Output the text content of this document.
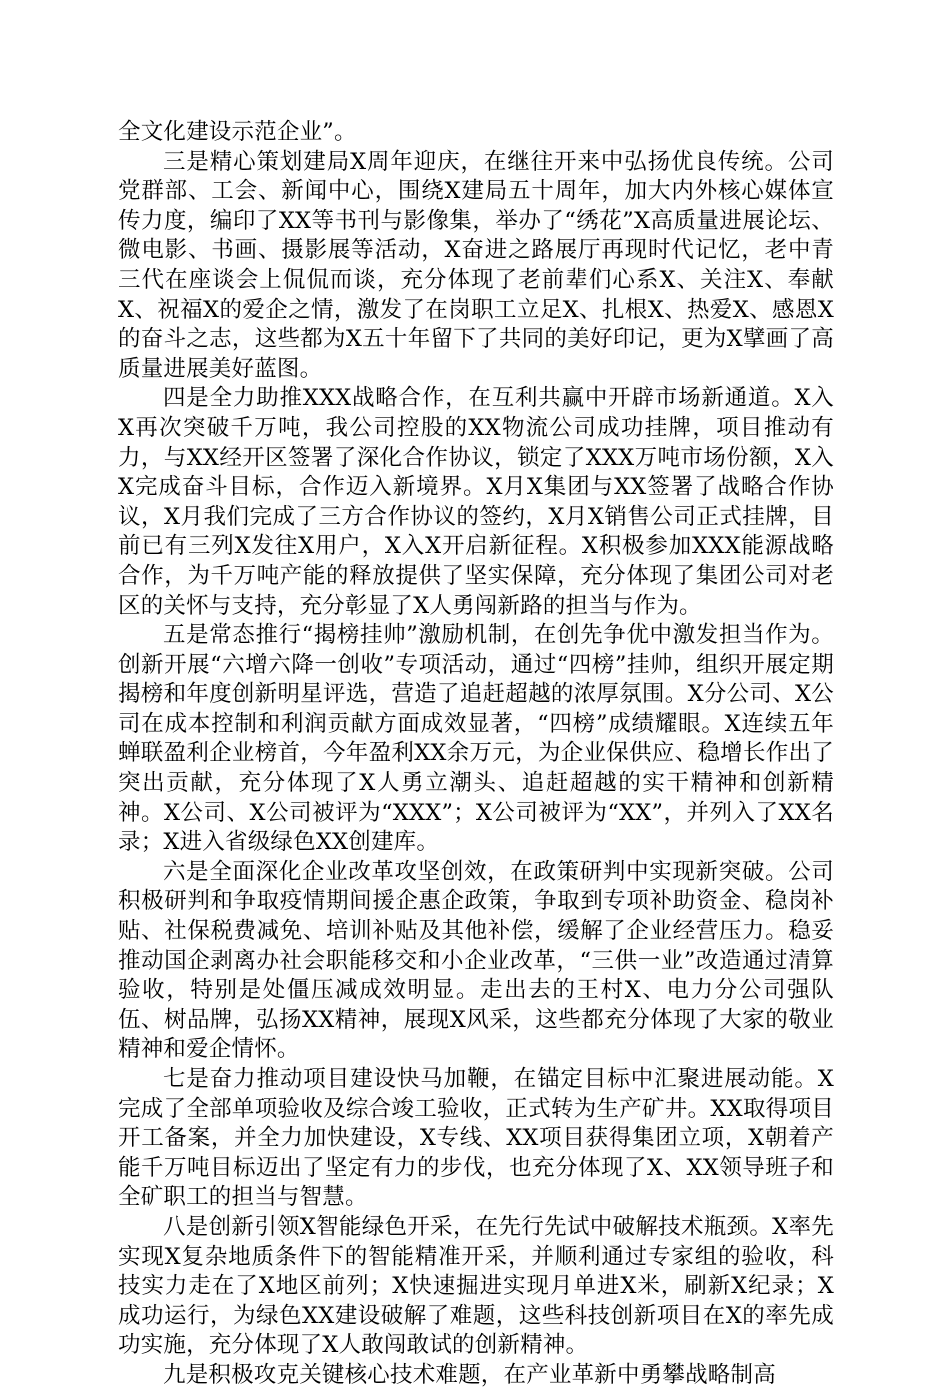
全文化建设示范企业”。

三是精心策划建局X周年迎庆，在继往开来中弘扬优良传统。公司党群部、工会、新闻中心，围绕X建局五十周年，加大内外核心媒体宣传力度，编印了XX等书刊与影像集，举办了“绣花”X高质量进展论坛、微电影、书画、摄影展等活动，X奋进之路展厅再现时代记忆，老中青三代在座谈会上侃侃而谈，充分体现了老前辈们心系X、关注X、奉献X、祝福X的爱企之情，激发了在岗职工立足X、扎根X、热爱X、感恩X的奋斗之志，这些都为X五十年留下了共同的美好印记，更为X擘画了高质量进展美好蓝图。

四是全力助推XXX战略合作，在互利共赢中开辟市场新通道。X入X再次突破千万吨，我公司控股的XX物流公司成功挂牌，项目推动有力，与XX经开区签署了深化合作协议，锁定了XXX万吨市场份额，X入X完成奋斗目标，合作迈入新境界。X月X集团与XX签署了战略合作协议，X月我们完成了三方合作协议的签约，X月X销售公司正式挂牌，目前已有三列X发往X用户，X入X开启新征程。X积极参加XXX能源战略合作，为千万吨产能的释放提供了坚实保障，充分体现了集团公司对老区的关怀与支持，充分彰显了X人勇闯新路的担当与作为。

五是常态推行“揭榜挂帅”激励机制，在创先争优中激发担当作为。创新开展“六增六降一创收”专项活动，通过“四榜”挂帅，组织开展定期揭榜和年度创新明星评选，营造了追赶超越的浓厚氛围。X分公司、X公司在成本控制和利润贡献方面成效显著，“四榜”成绩耀眼。X连续五年蝉联盈利企业榜首，今年盈利XX余万元，为企业保供应、稳增长作出了突出贡献，充分体现了X人勇立潮头、追赶超越的实干精神和创新精神。X公司、X公司被评为“XXX”；X公司被评为“XX”，并列入了XX名录；X进入省级绿色XX创建库。

六是全面深化企业改革攻坚创效，在政策研判中实现新突破。公司积极研判和争取疫情期间援企惠企政策，争取到专项补助资金、稳岗补贴、社保税费减免、培训补贴及其他补偿，缓解了企业经营压力。稳妥推动国企剥离办社会职能移交和小企业改革，“三供一业”改造通过清算验收，特别是处僵压减成效明显。走出去的王村X、电力分公司强队伍、树品牌，弘扬XX精神，展现X风采，这些都充分体现了大家的敬业精神和爱企情怀。

七是奋力推动项目建设快马加鞭，在锚定目标中汇聚进展动能。X完成了全部单项验收及综合竣工验收，正式转为生产矿井。XX取得项目开工备案，并全力加快建设，X专线、XX项目获得集团立项，X朝着产能千万吨目标迈出了坚定有力的步伐，也充分体现了X、XX领导班子和全矿职工的担当与智慧。

八是创新引领X智能绿色开采，在先行先试中破解技术瓶颈。X率先实现X复杂地质条件下的智能精准开采，并顺利通过专家组的验收，科技实力走在了X地区前列；X快速掘进实现月单进X米，刷新X纪录；X成功运行，为绿色XX建设破解了难题，这些科技创新项目在X的率先成功实施，充分体现了X人敢闯敢试的创新精神。

九是积极攻克关键核心技术难题，在产业革新中勇攀战略制高
